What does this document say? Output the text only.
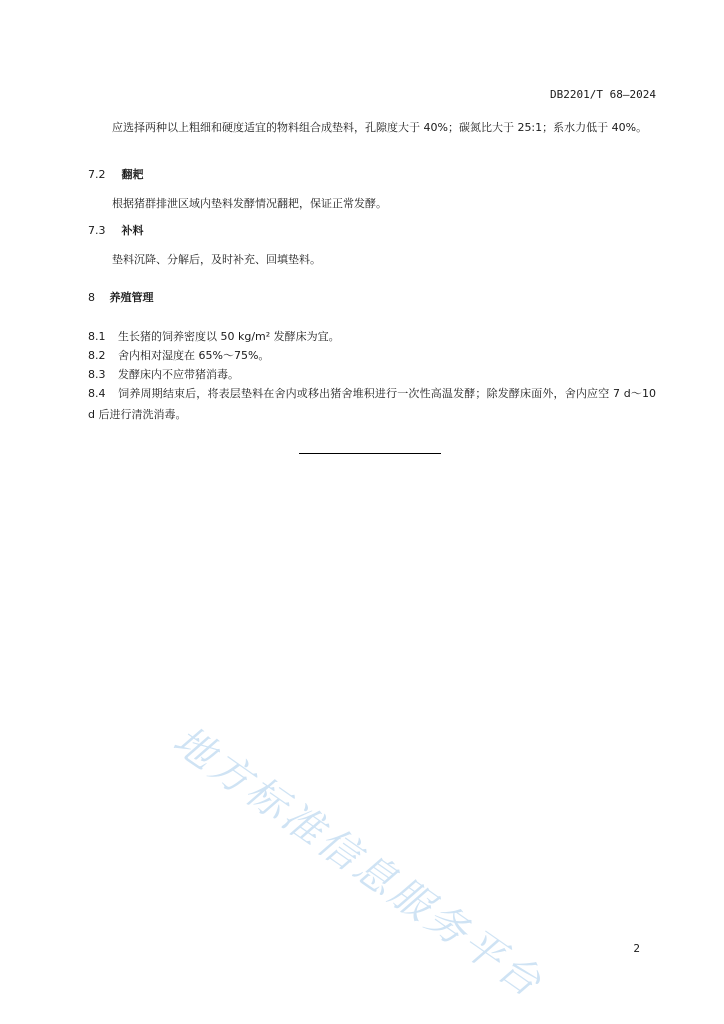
DB2201/T 68—2024
应选择两种以上粗细和硬度适宜的物料组合成垫料，孔隙度大于 40%；碳氮比大于 25:1；系水力低于 40%。
7.2 翻耙
根据猪群排泄区域内垫料发酵情况翻耙，保证正常发酵。
7.3 补料
垫料沉降、分解后，及时补充、回填垫料。
8 养殖管理
8.1 生长猪的饲养密度以 50 kg/m² 发酵床为宜。
8.2 舍内相对湿度在 65%～75%。
8.3 发酵床内不应带猪消毒。
8.4 饲养周期结束后，将表层垫料在舍内或移出猪舍堆积进行一次性高温发酵；除发酵床面外，舍内应空 7 d～10 d 后进行清洗消毒。
地方标准信息服务平台	2
